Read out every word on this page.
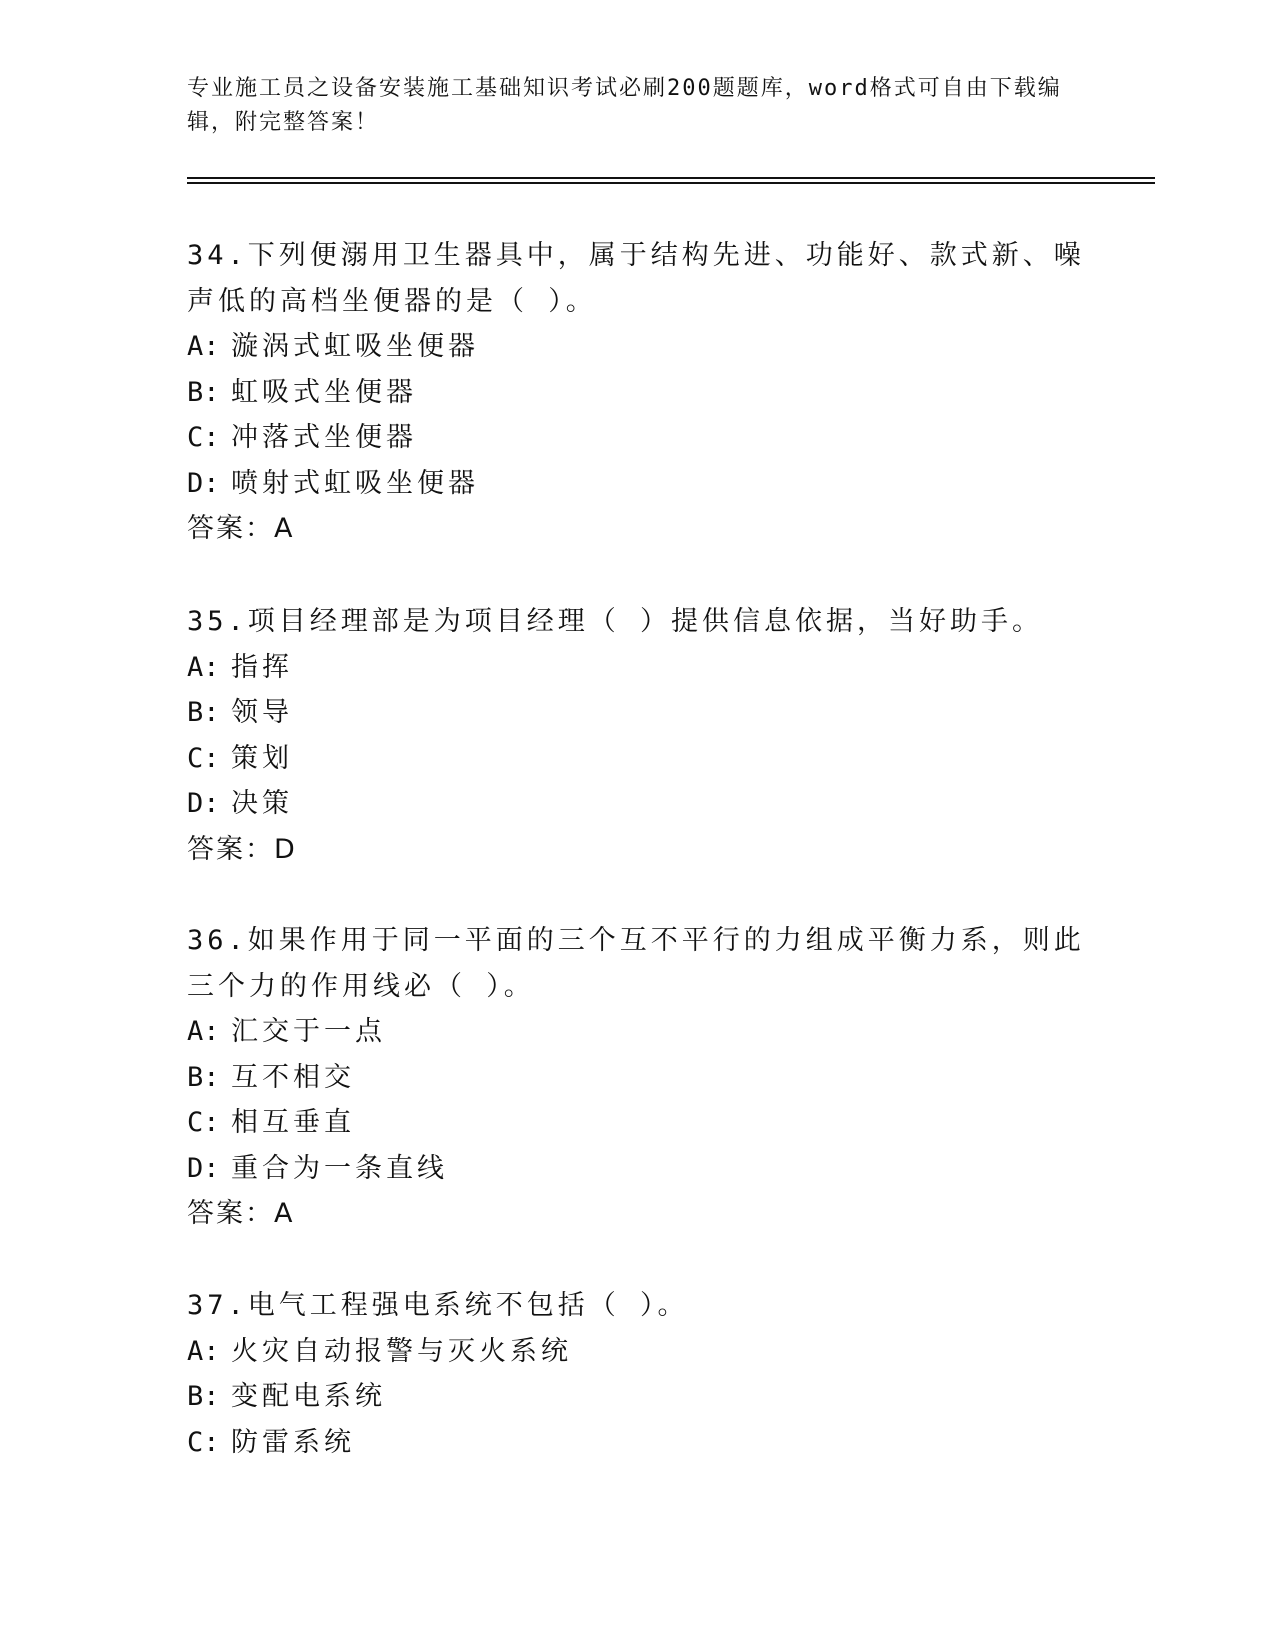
专业施工员之设备安装施工基础知识考试必刷200题题库，word格式可自由下载编辑，附完整答案！

34.下列便溺用卫生器具中，属于结构先进、功能好、款式新、噪声低的高档坐便器的是（ ）。

A: 漩涡式虹吸坐便器
B: 虹吸式坐便器
C: 冲落式坐便器
D: 喷射式虹吸坐便器
答案：A

35.项目经理部是为项目经理（ ）提供信息依据，当好助手。

A: 指挥
B: 领导
C: 策划
D: 决策
答案：D

36.如果作用于同一平面的三个互不平行的力组成平衡力系，则此三个力的作用线必（ ）。

A: 汇交于一点
B: 互不相交
C: 相互垂直
D: 重合为一条直线
答案：A

37.电气工程强电系统不包括（ ）。

A: 火灾自动报警与灭火系统
B: 变配电系统
C: 防雷系统
